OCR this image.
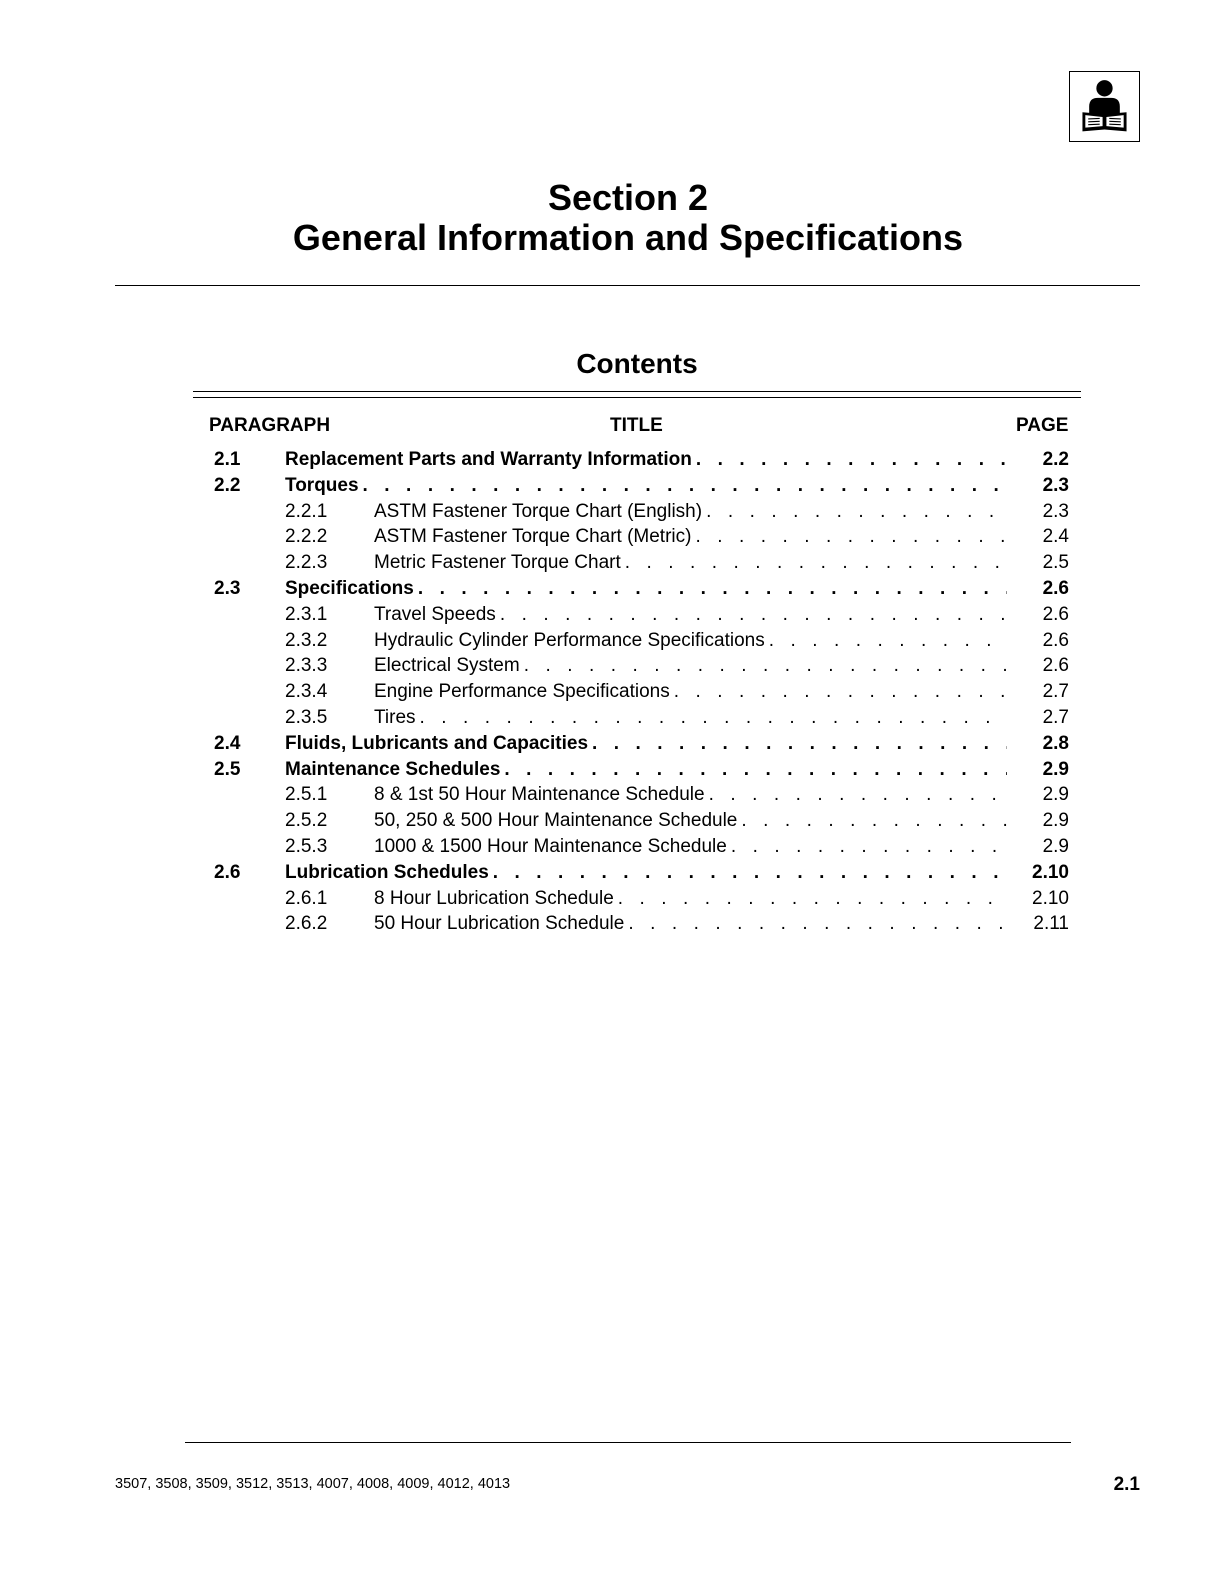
Section 2
General Information and Specifications
Contents
PARAGRAPH	TITLE	PAGE
2.1 Replacement Parts and Warranty Information . . .	2.2
2.2 Torques . . .	2.3
2.2.1 ASTM Fastener Torque Chart (English) . . .	2.3
2.2.2 ASTM Fastener Torque Chart (Metric) . . .	2.4
2.2.3 Metric Fastener Torque Chart . . .	2.5
2.3 Specifications . . .	2.6
2.3.1 Travel Speeds . . .	2.6
2.3.2 Hydraulic Cylinder Performance Specifications . . .	2.6
2.3.3 Electrical System . . .	2.6
2.3.4 Engine Performance Specifications . . .	2.7
2.3.5 Tires . . .	2.7
2.4 Fluids, Lubricants and Capacities . . .	2.8
2.5 Maintenance Schedules . . .	2.9
2.5.1 8 & 1st 50 Hour Maintenance Schedule . . .	2.9
2.5.2 50, 250 & 500 Hour Maintenance Schedule . . .	2.9
2.5.3 1000 & 1500 Hour Maintenance Schedule . . .	2.9
2.6 Lubrication Schedules . . .	2.10
2.6.1 8 Hour Lubrication Schedule . . .	2.10
2.6.2 50 Hour Lubrication Schedule . . .	2.11
3507, 3508, 3509, 3512, 3513, 4007, 4008, 4009, 4012, 4013	2.1
